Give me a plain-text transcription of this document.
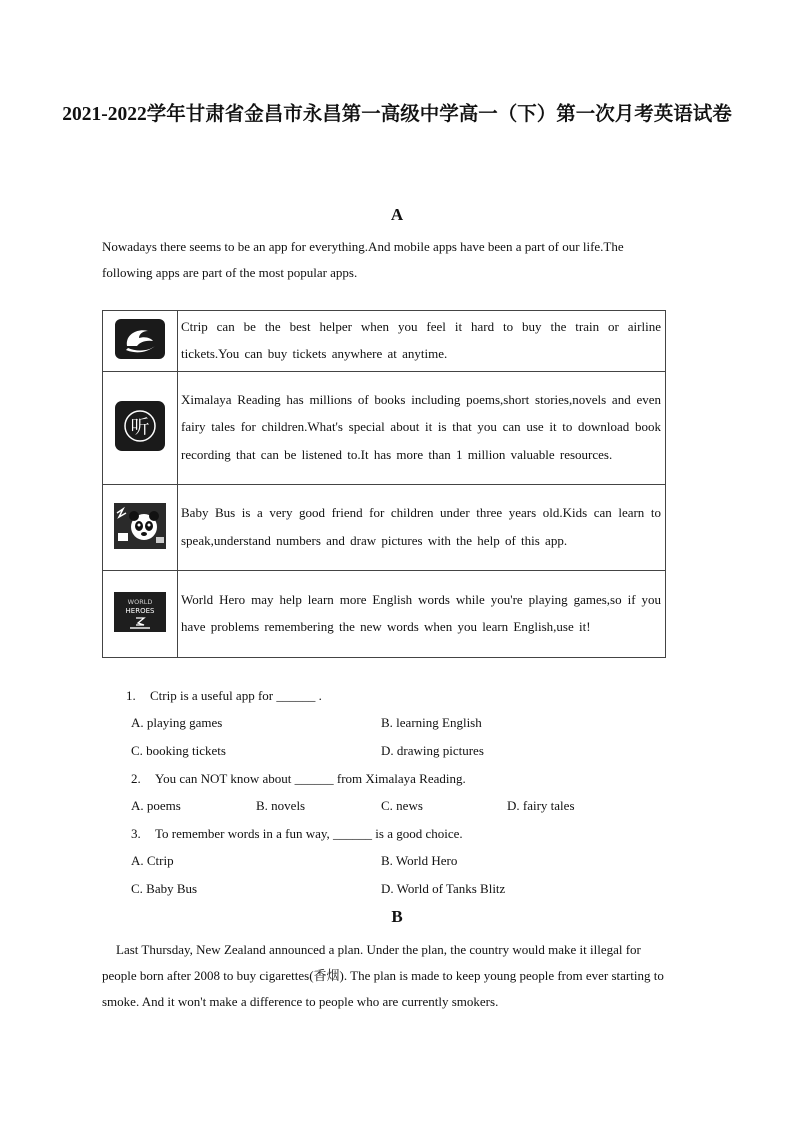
2021-2022学年甘肃省金昌市永昌第一高级中学高一（下）第一次月考英语试卷
A

Nowadays there seems to be an app for everything.And mobile apps have been a part of our life.The following apps are part of the most popular apps.

	Ctrip can be the best helper when you feel it hard to buy the train or airline tickets.You can buy tickets anywhere at anytime.

听	Ximalaya Reading has millions of books including poems,short stories,novels and even fairy tales for children.What's special about it is that you can use it to download book recording that can be listened to.It has more than 1 million valuable resources.
	Baby Bus is a very good friend for children under three years old.Kids can learn to speak,understand numbers and draw pictures with the help of this app.

WORLD
HEROES	World Hero may help learn more English words while you're playing games,so if you have problems remembering the new words when you learn English,use it!

1. Ctrip is a useful app for ______ .

A. playing games	B. learning English

C. booking tickets	D. drawing pictures

2. You can NOT know about ______ from Ximalaya Reading.

A. poems	B. novels	C. news	D. fairy tales

3. To remember words in a fun way, ______ is a good choice.

A. Ctrip	B. World Hero

C. Baby Bus	D. World of Tanks Blitz

B

Last Thursday, New Zealand announced a plan. Under the plan, the country would make it illegal for people born after 2008 to buy cigarettes(香烟). The plan is made to keep young people from ever starting to smoke. And it won't make a difference to people who are currently smokers.
